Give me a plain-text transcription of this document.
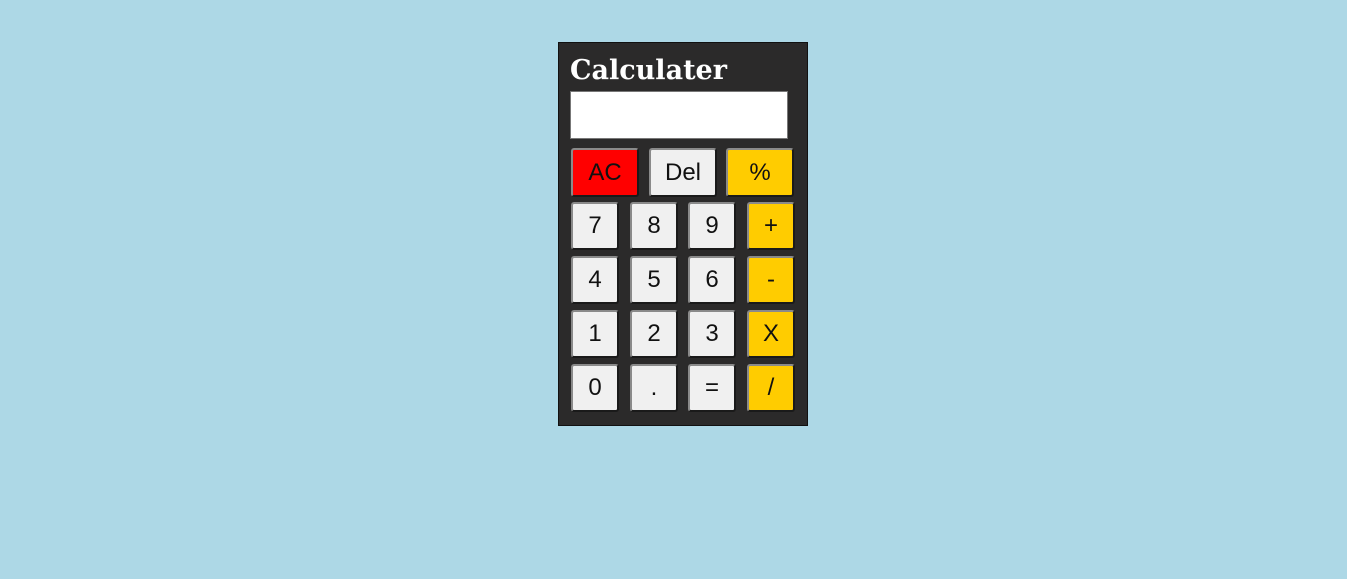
Calculater
AC	Del	%
7	8	9	+
4	5	6	-
1	2	3	X
0	.	=	/
